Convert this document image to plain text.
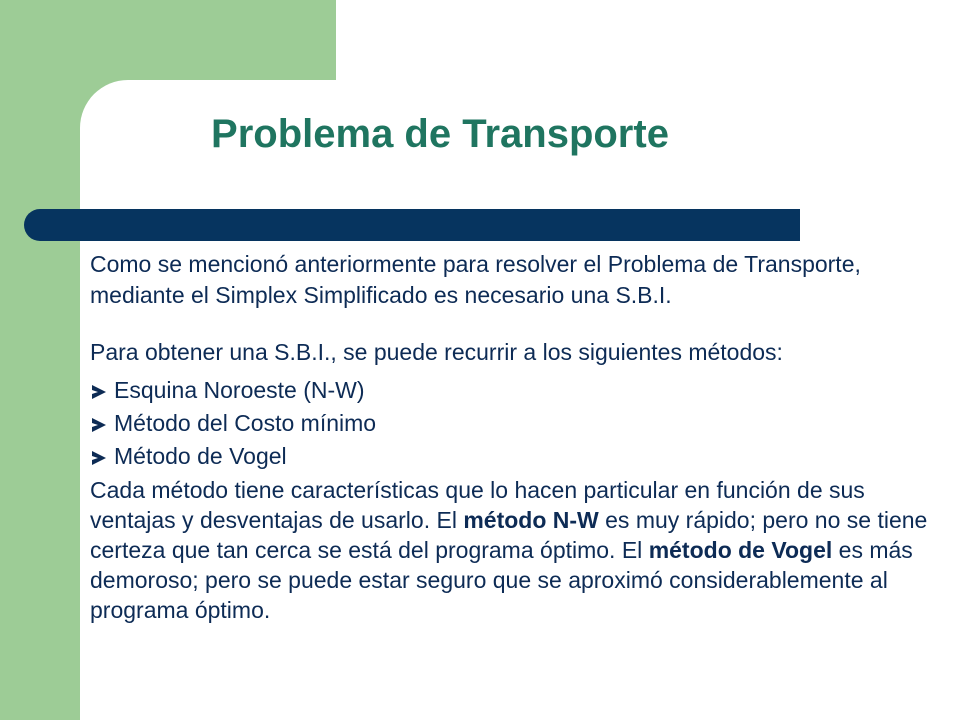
Problema de Transporte

Como se mencionó anteriormente para resolver el Problema de Transporte, mediante el Simplex Simplificado es necesario una S.B.I.

Para obtener una S.B.I., se puede recurrir a los siguientes métodos:

Esquina Noroeste (N-W)
Método del Costo mínimo
Método de Vogel

Cada método tiene características que lo hacen particular en función de sus ventajas y desventajas de usarlo. El método N-W es muy rápido; pero no se tiene certeza que tan cerca se está del programa óptimo. El método de Vogel es más demoroso; pero se puede estar seguro que se aproximó considerablemente al programa óptimo.
